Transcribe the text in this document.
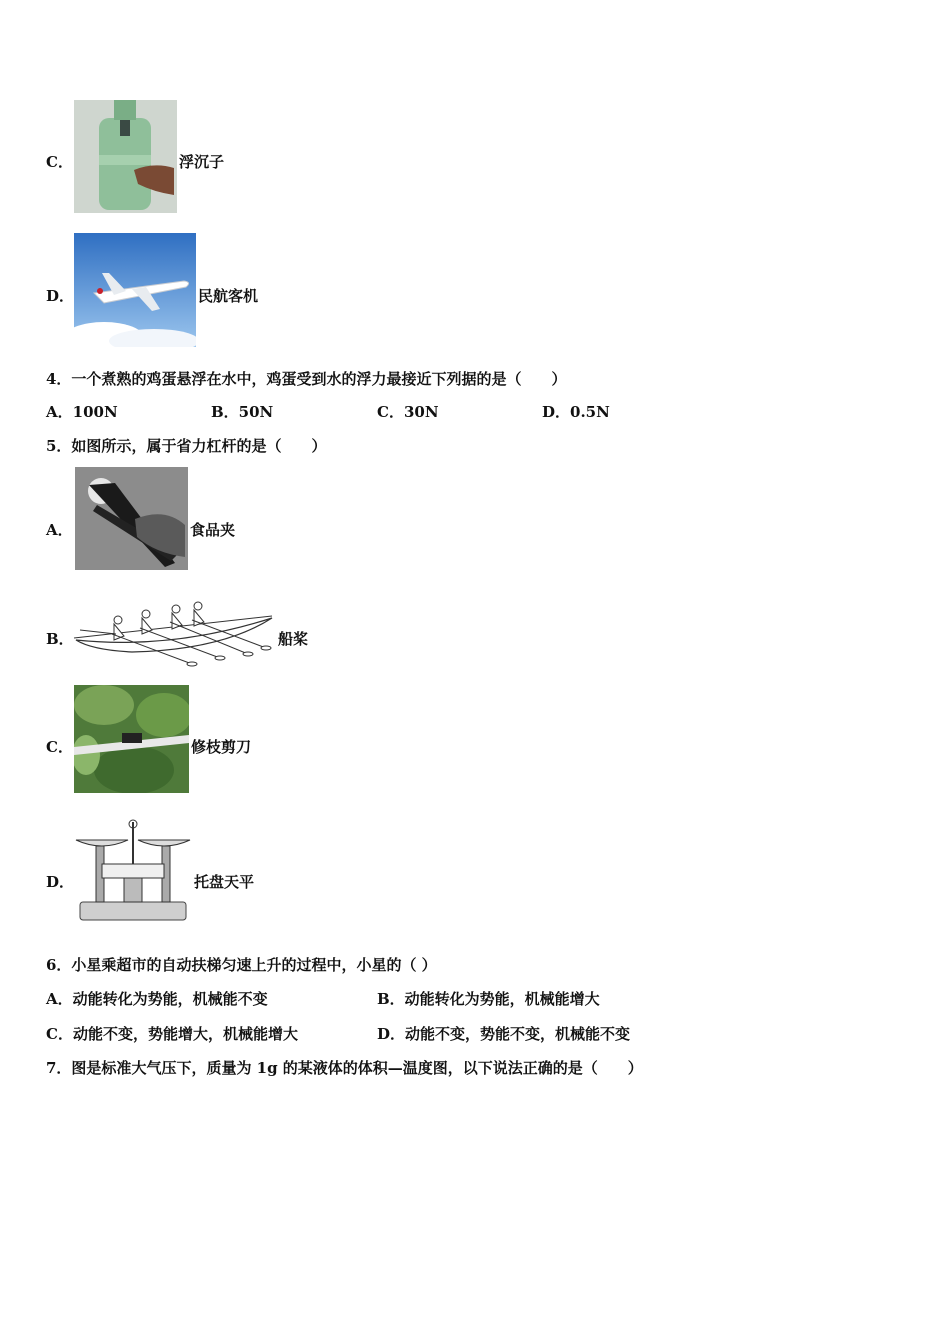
C．	浮沉子
D．	民航客机
4．一个煮熟的鸡蛋悬浮在水中，鸡蛋受到水的浮力最接近下列据的是（　　）
A．100N	B．50N	C．30N	D．0.5N
5．如图所示，属于省力杠杆的是（　　）
A．	食品夹
B．	船桨
C．	修枝剪刀
D．	托盘天平
6．小星乘超市的自动扶梯匀速上升的过程中，小星的（ ）
A．动能转化为势能，机械能不变	B．动能转化为势能，机械能增大
C．动能不变，势能增大，机械能增大	D．动能不变，势能不变，机械能不变
7．图是标准大气压下，质量为 1g 的某液体的体积—温度图，以下说法正确的是（　　）
